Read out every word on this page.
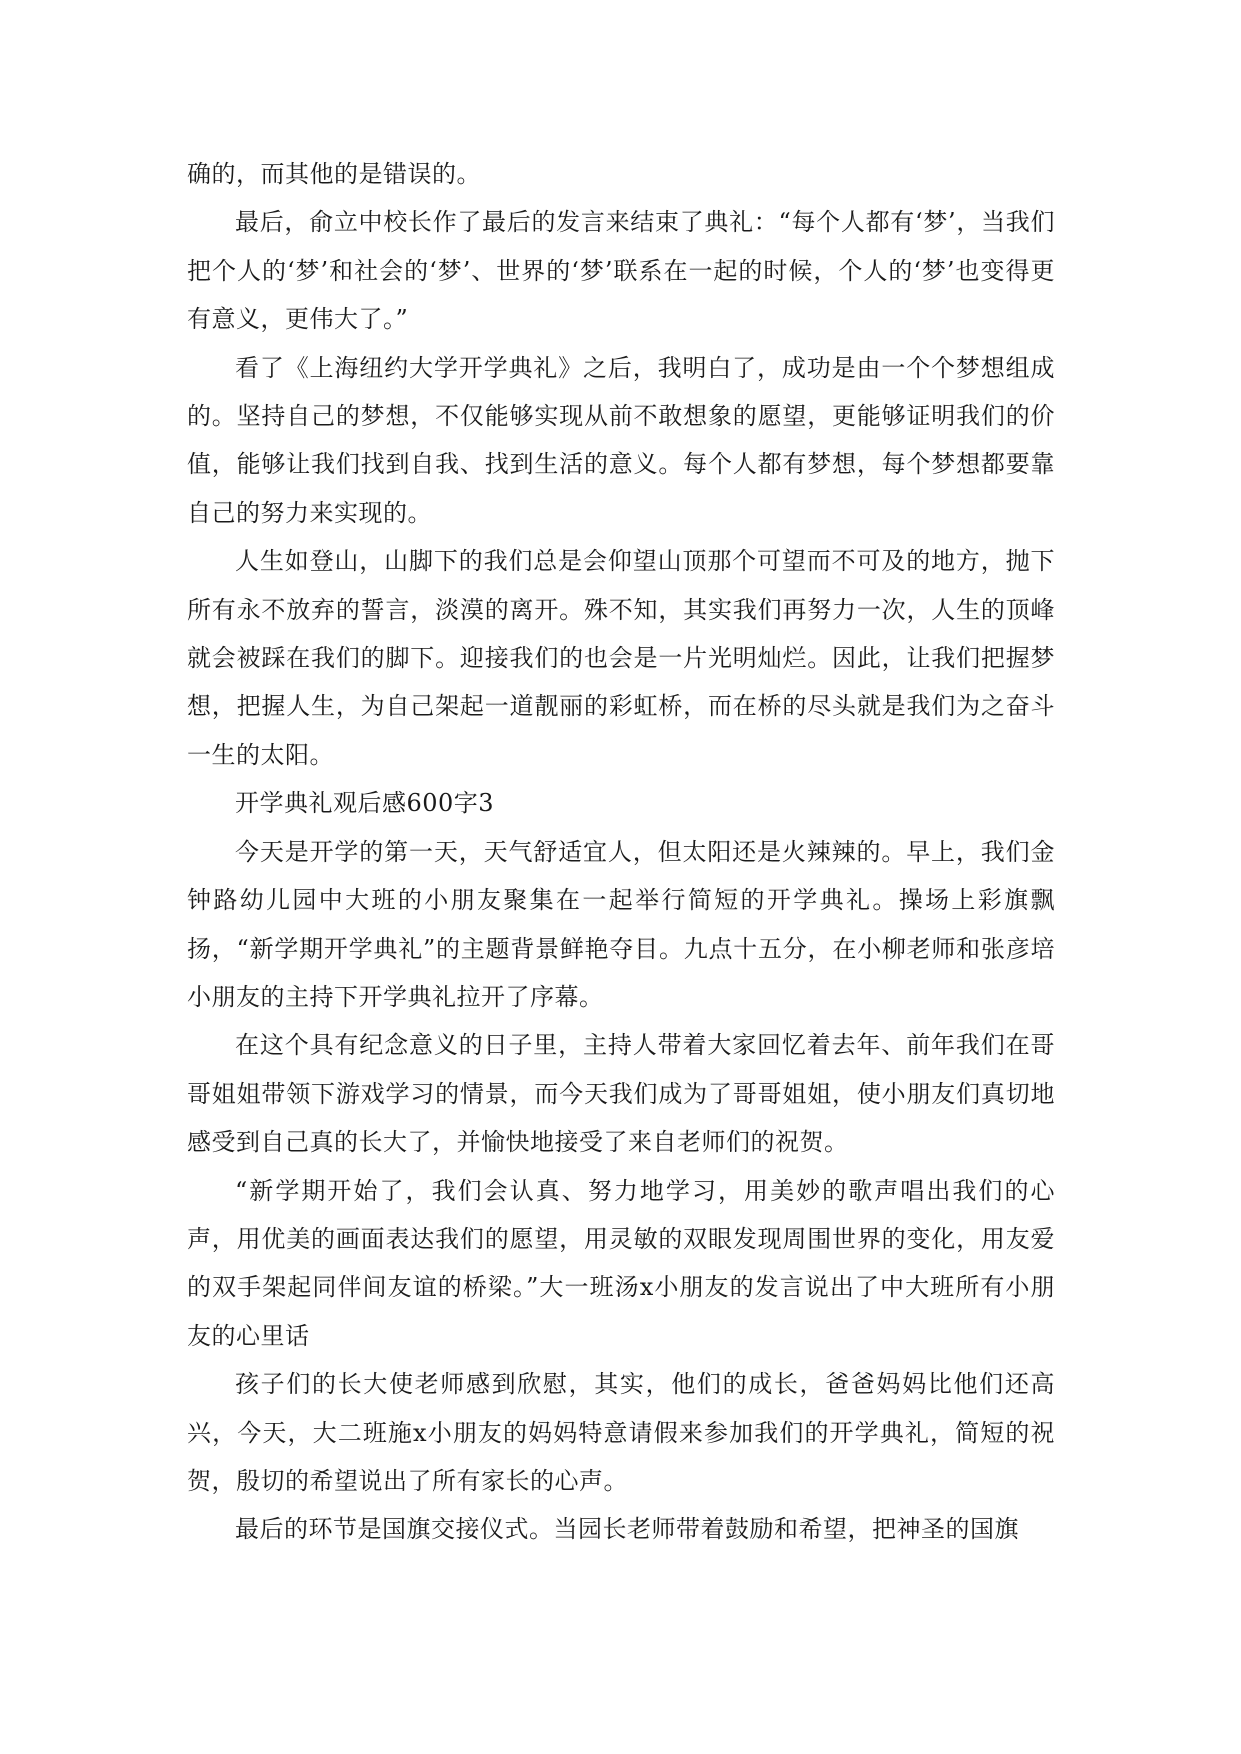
确的，而其他的是错误的。

最后，俞立中校长作了最后的发言来结束了典礼：“每个人都有‘梦’，当我们把个人的‘梦’和社会的‘梦’、世界的‘梦’联系在一起的时候，个人的‘梦’也变得更有意义，更伟大了。”

看了《上海纽约大学开学典礼》之后，我明白了，成功是由一个个梦想组成的。坚持自己的梦想，不仅能够实现从前不敢想象的愿望，更能够证明我们的价值，能够让我们找到自我、找到生活的意义。每个人都有梦想，每个梦想都要靠自己的努力来实现的。

人生如登山，山脚下的我们总是会仰望山顶那个可望而不可及的地方，抛下所有永不放弃的誓言，淡漠的离开。殊不知，其实我们再努力一次，人生的顶峰就会被踩在我们的脚下。迎接我们的也会是一片光明灿烂。因此，让我们把握梦想，把握人生，为自己架起一道靓丽的彩虹桥，而在桥的尽头就是我们为之奋斗一生的太阳。

开学典礼观后感600字3

今天是开学的第一天，天气舒适宜人，但太阳还是火辣辣的。早上，我们金钟路幼儿园中大班的小朋友聚集在一起举行简短的开学典礼。操场上彩旗飘扬，“新学期开学典礼”的主题背景鲜艳夺目。九点十五分，在小柳老师和张彦培小朋友的主持下开学典礼拉开了序幕。

在这个具有纪念意义的日子里，主持人带着大家回忆着去年、前年我们在哥哥姐姐带领下游戏学习的情景，而今天我们成为了哥哥姐姐，使小朋友们真切地感受到自己真的长大了，并愉快地接受了来自老师们的祝贺。

“新学期开始了，我们会认真、努力地学习，用美妙的歌声唱出我们的心声，用优美的画面表达我们的愿望，用灵敏的双眼发现周围世界的变化，用友爱的双手架起同伴间友谊的桥梁。”大一班汤x小朋友的发言说出了中大班所有小朋友的心里话

孩子们的长大使老师感到欣慰，其实，他们的成长，爸爸妈妈比他们还高兴，今天，大二班施x小朋友的妈妈特意请假来参加我们的开学典礼，简短的祝贺，殷切的希望说出了所有家长的心声。

最后的环节是国旗交接仪式。当园长老师带着鼓励和希望，把神圣的国旗
